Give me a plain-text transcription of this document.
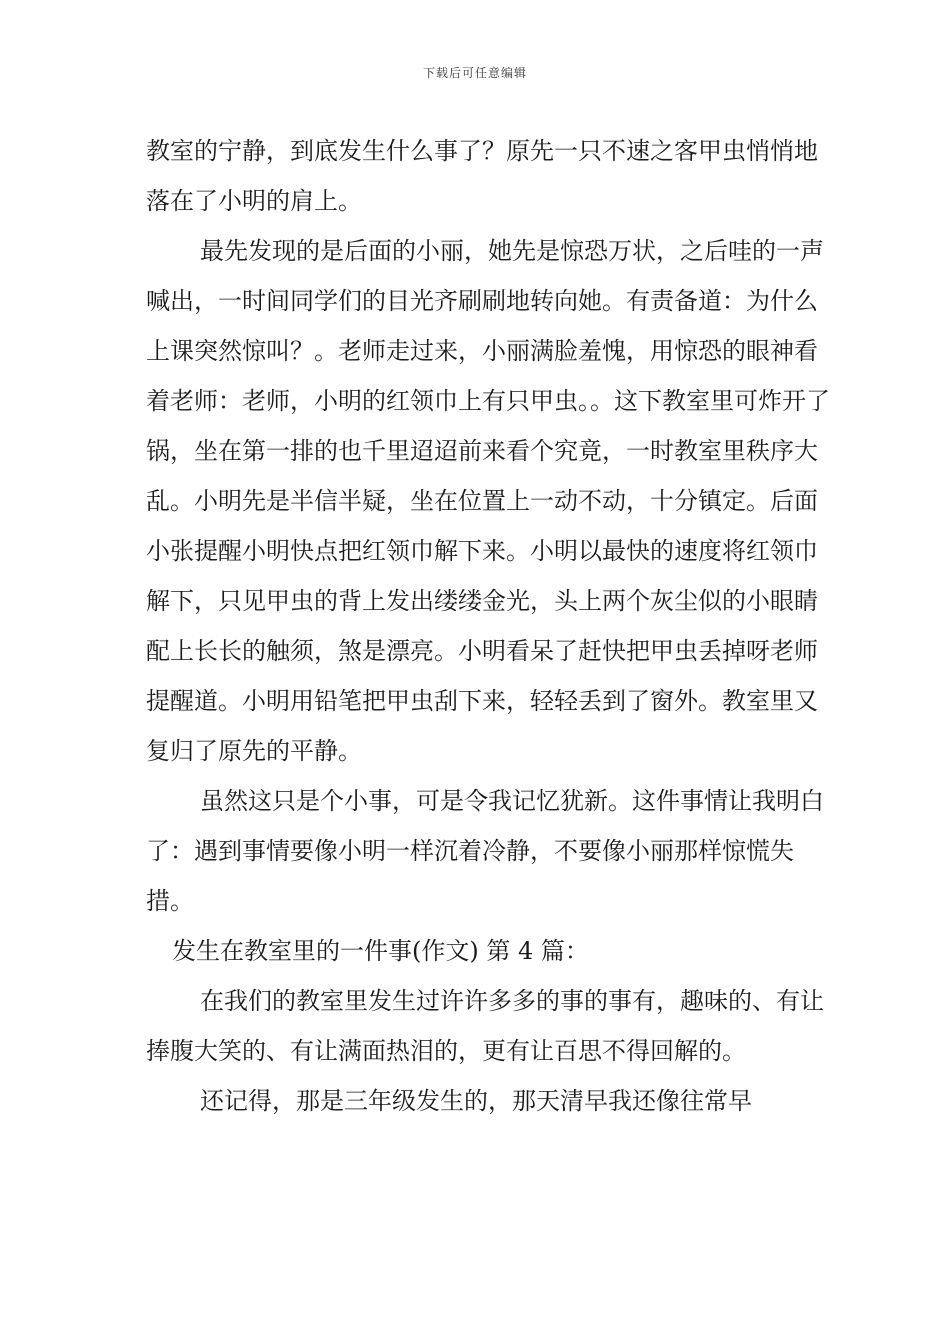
下载后可任意编辑

教室的宁静，到底发生什么事了？原先一只不速之客甲虫悄悄地落在了小明的肩上。

最先发现的是后面的小丽，她先是惊恐万状，之后哇的一声喊出，一时间同学们的目光齐刷刷地转向她。有责备道：为什么上课突然惊叫？。老师走过来，小丽满脸羞愧，用惊恐的眼神看着老师：老师，小明的红领巾上有只甲虫。。这下教室里可炸开了锅，坐在第一排的也千里迢迢前来看个究竟，一时教室里秩序大乱。小明先是半信半疑，坐在位置上一动不动，十分镇定。后面小张提醒小明快点把红领巾解下来。小明以最快的速度将红领巾解下，只见甲虫的背上发出缕缕金光，头上两个灰尘似的小眼睛配上长长的触须，煞是漂亮。小明看呆了赶快把甲虫丢掉呀老师提醒道。小明用铅笔把甲虫刮下来，轻轻丢到了窗外。教室里又复归了原先的平静。

虽然这只是个小事，可是令我记忆犹新。这件事情让我明白了：遇到事情要像小明一样沉着冷静，不要像小丽那样惊慌失措。

发生在教室里的一件事(作文) 第 4 篇：

在我们的教室里发生过许许多多的事的事有，趣味的、有让捧腹大笑的、有让满面热泪的，更有让百思不得回解的。

还记得，那是三年级发生的，那天清早我还像往常早
